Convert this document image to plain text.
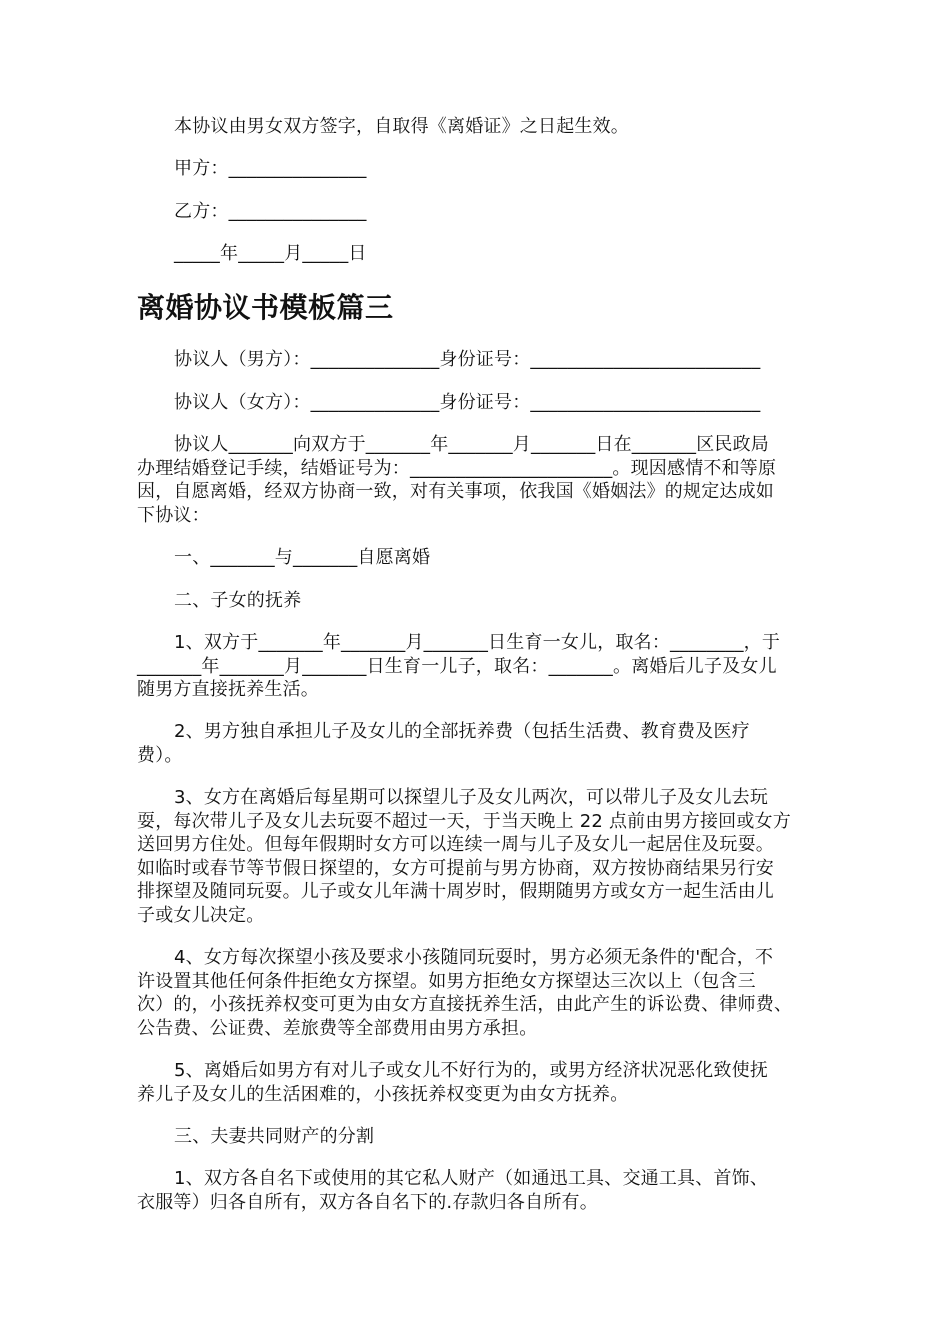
本协议由男女双方签字，自取得《离婚证》之日起生效。
甲方：_______________
乙方：_______________
_____年_____月_____日
离婚协议书模板篇三
协议人（男方）：______________身份证号：_________________________
协议人（女方）：______________身份证号：_________________________
协议人_______向双方于_______年_______月_______日在_______区民政局
办理结婚登记手续，结婚证号为：______________________。现因感情不和等原
因，自愿离婚，经双方协商一致，对有关事项，依我国《婚姻法》的规定达成如
下协议：
一、_______与_______自愿离婚
二、子女的抚养
1、双方于_______年_______月_______日生育一女儿，取名：________，于
_______年_______月_______日生育一儿子，取名：_______。离婚后儿子及女儿
随男方直接抚养生活。
2、男方独自承担儿子及女儿的全部抚养费（包括生活费、教育费及医疗
费）。
3、女方在离婚后每星期可以探望儿子及女儿两次，可以带儿子及女儿去玩
耍，每次带儿子及女儿去玩耍不超过一天，于当天晚上 22 点前由男方接回或女方
送回男方住处。但每年假期时女方可以连续一周与儿子及女儿一起居住及玩耍。
如临时或春节等节假日探望的，女方可提前与男方协商，双方按协商结果另行安
排探望及随同玩耍。儿子或女儿年满十周岁时，假期随男方或女方一起生活由儿
子或女儿决定。
4、女方每次探望小孩及要求小孩随同玩耍时，男方必须无条件的'配合，不
许设置其他任何条件拒绝女方探望。如男方拒绝女方探望达三次以上（包含三
次）的，小孩抚养权变可更为由女方直接抚养生活，由此产生的诉讼费、律师费、
公告费、公证费、差旅费等全部费用由男方承担。
5、离婚后如男方有对儿子或女儿不好行为的，或男方经济状况恶化致使抚
养儿子及女儿的生活困难的，小孩抚养权变更为由女方抚养。
三、夫妻共同财产的分割
1、双方各自名下或使用的其它私人财产（如通迅工具、交通工具、首饰、
衣服等）归各自所有，双方各自名下的.存款归各自所有。
